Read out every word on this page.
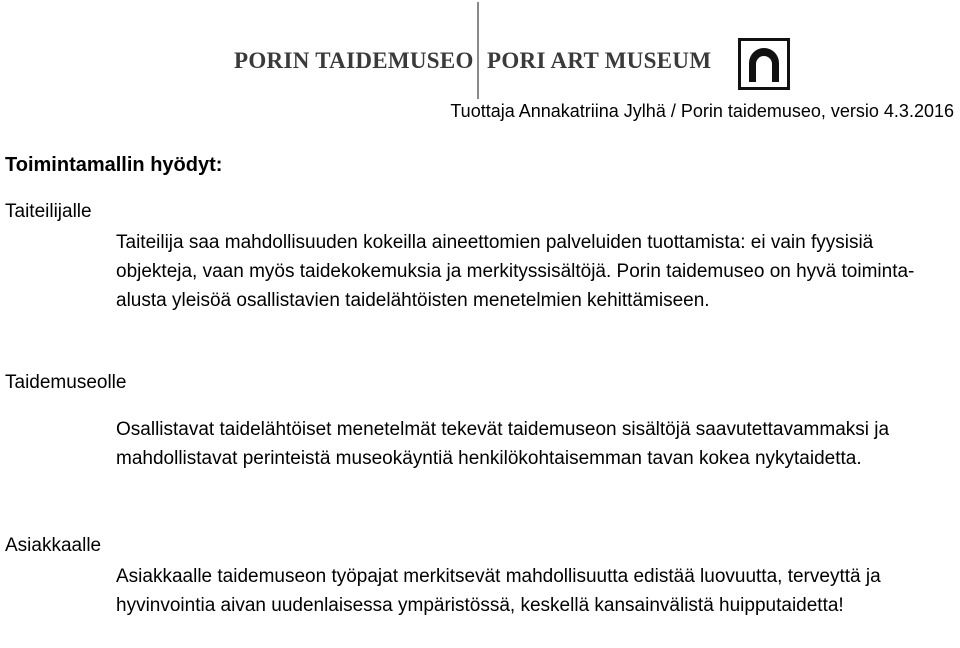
PORIN TAIDEMUSEO PORI ART MUSEUM
Tuottaja Annakatriina Jylhä / Porin taidemuseo, versio 4.3.2016
Toimintamallin hyödyt:
Taiteilijalle

Taiteilija saa mahdollisuuden kokeilla aineettomien palveluiden tuottamista: ei vain fyysisiä objekteja, vaan myös taidekokemuksia ja merkityssisältöjä. Porin taidemuseo on hyvä toiminta-alusta yleisöä osallistavien taidelähtöisten menetelmien kehittämiseen.

Taidemuseolle

Osallistavat taidelähtöiset menetelmät tekevät taidemuseon sisältöjä saavutettavammaksi ja mahdollistavat perinteistä museokäyntiä henkilökohtaisemman tavan kokea nykytaidetta.

Asiakkaalle

Asiakkaalle taidemuseon työpajat merkitsevät mahdollisuutta edistää luovuutta, terveyttä ja hyvinvointia aivan uudenlaisessa ympäristössä, keskellä kansainvälistä huipputaidetta!
